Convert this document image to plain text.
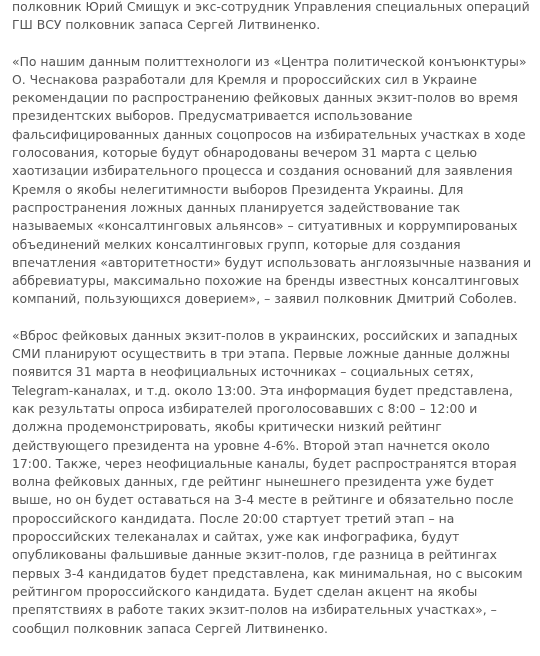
полковник Юрий Смищук и экс-сотрудник Управления специальных операций ГШ ВСУ полковник запаса Сергей Литвиненко.

«По нашим данным политтехнологи из «Центра политической конъюнктуры» О. Чеснакова разработали для Кремля и пророссийских сил в Украине рекомендации по распространению фейковых данных экзит-полов во время президентских выборов. Предусматривается использование фальсифицированных данных соцопросов на избирательных участках в ходе голосования, которые будут обнародованы вечером 31 марта с целью хаотизации избирательного процесса и создания оснований для заявления Кремля о якобы нелегитимности выборов Президента Украины. Для распространения ложных данных планируется задействование так называемых «консалтинговых альянсов» – ситуативных и коррумпированых объединений мелких консалтинговых групп, которые для создания впечатления «авторитетности» будут использовать англоязычные названия и аббревиатуры, максимально похожие на бренды известных консалтинговых компаний, пользующихся доверием», – заявил полковник Дмитрий Соболев.

«Вброс фейковых данных экзит-полов в украинских, российских и западных СМИ планируют осуществить в три этапа. Первые ложные данные должны появится 31 марта в неофициальных источниках – социальных сетях, Telegram-каналах, и т.д. около 13:00. Эта информация будет представлена, как результаты опроса избирателей проголосовавших с 8:00 – 12:00 и должна продемонстрировать, якобы критически низкий рейтинг действующего президента на уровне 4-6%. Второй этап начнется около 17:00. Также, через неофициальные каналы, будет распространятся вторая волна фейковых данных, где рейтинг нынешнего президента уже будет выше, но он будет оставаться на 3-4 месте в рейтинге и обязательно после пророссийского кандидата. После 20:00 стартует третий этап – на пророссийских телеканалах и сайтах, уже как инфографика, будут опубликованы фальшивые данные экзит-полов, где разница в рейтингах первых 3-4 кандидатов будет представлена, как минимальная, но с высоким рейтингом пророссийского кандидата. Будет сделан акцент на якобы препятствиях в работе таких экзит-полов на избирательных участках», – сообщил полковник запаса Сергей Литвиненко.
